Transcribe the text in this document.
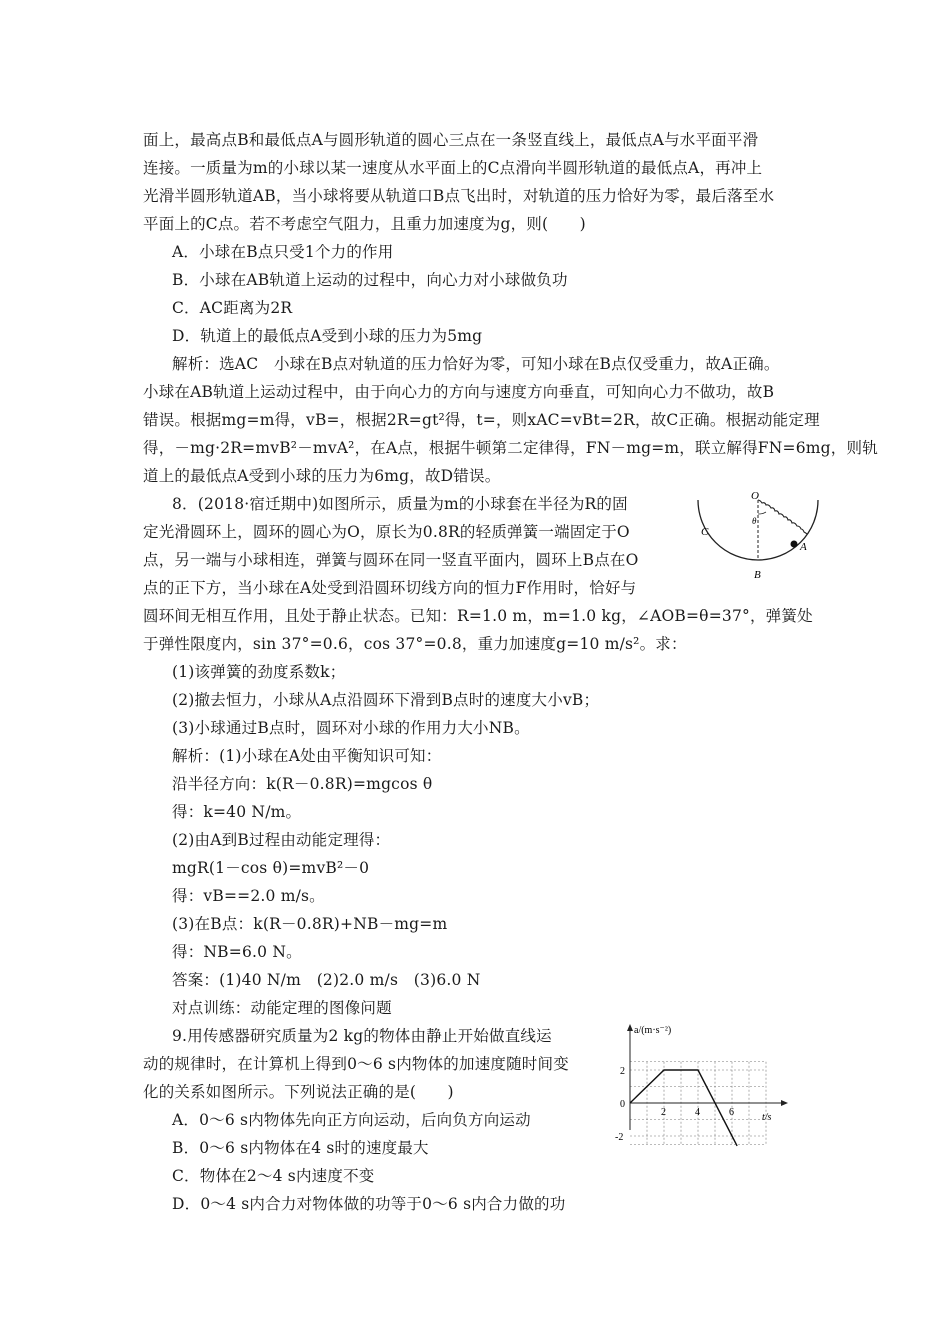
面上，最高点B和最低点A与圆形轨道的圆心三点在一条竖直线上，最低点A与水平面平滑
连接。一质量为m的小球以某一速度从水平面上的C点滑向半圆形轨道的最低点A，再冲上
光滑半圆形轨道AB，当小球将要从轨道口B点飞出时，对轨道的压力恰好为零，最后落至水
平面上的C点。若不考虑空气阻力，且重力加速度为g，则(　　)
A．小球在B点只受1个力的作用
B．小球在AB轨道上运动的过程中，向心力对小球做负功
C．AC距离为2R
D．轨道上的最低点A受到小球的压力为5mg
解析：选AC　小球在B点对轨道的压力恰好为零，可知小球在B点仅受重力，故A正确。
小球在AB轨道上运动过程中，由于向心力的方向与速度方向垂直，可知向心力不做功，故B
错误。根据mg=m得，vB=，根据2R=gt²得，t=，则xAC=vBt=2R，故C正确。根据动能定理
得，－mg·2R=mvB²－mvA²，在A点，根据牛顿第二定律得，FN－mg=m，联立解得FN=6mg，则轨
道上的最低点A受到小球的压力为6mg，故D错误。
8．(2018·宿迁期中)如图所示，质量为m的小球套在半径为R的固
定光滑圆环上，圆环的圆心为O，原长为0.8R的轻质弹簧一端固定于O
点，另一端与小球相连，弹簧与圆环在同一竖直平面内，圆环上B点在O
点的正下方，当小球在A处受到沿圆环切线方向的恒力F作用时，恰好与
圆环间无相互作用，且处于静止状态。已知：R=1.0 m，m=1.0 kg，∠AOB=θ=37°，弹簧处
于弹性限度内，sin 37°=0.6，cos 37°=0.8，重力加速度g=10 m/s²。求：
O
θ
C
A
B
(1)该弹簧的劲度系数k；
(2)撤去恒力，小球从A点沿圆环下滑到B点时的速度大小vB；
(3)小球通过B点时，圆环对小球的作用力大小NB。
解析：(1)小球在A处由平衡知识可知：
沿半径方向：k(R－0.8R)=mgcos θ
得：k=40 N/m。
(2)由A到B过程由动能定理得：
mgR(1－cos θ)=mvB²－0
得：vB==2.0 m/s。
(3)在B点：k(R－0.8R)+NB－mg=m
得：NB=6.0 N。
答案：(1)40 N/m　(2)2.0 m/s　(3)6.0 N
对点训练：动能定理的图像问题
9.用传感器研究质量为2 kg的物体由静止开始做直线运
动的规律时，在计算机上得到0～6 s内物体的加速度随时间变
化的关系如图所示。下列说法正确的是(　　)
A．0～6 s内物体先向正方向运动，后向负方向运动
B．0～6 s内物体在4 s时的速度最大
C．物体在2～4 s内速度不变
D．0～4 s内合力对物体做的功等于0～6 s内合力做的功
a/(m·s⁻²)
t/s
2	4	6
2
0
-2
